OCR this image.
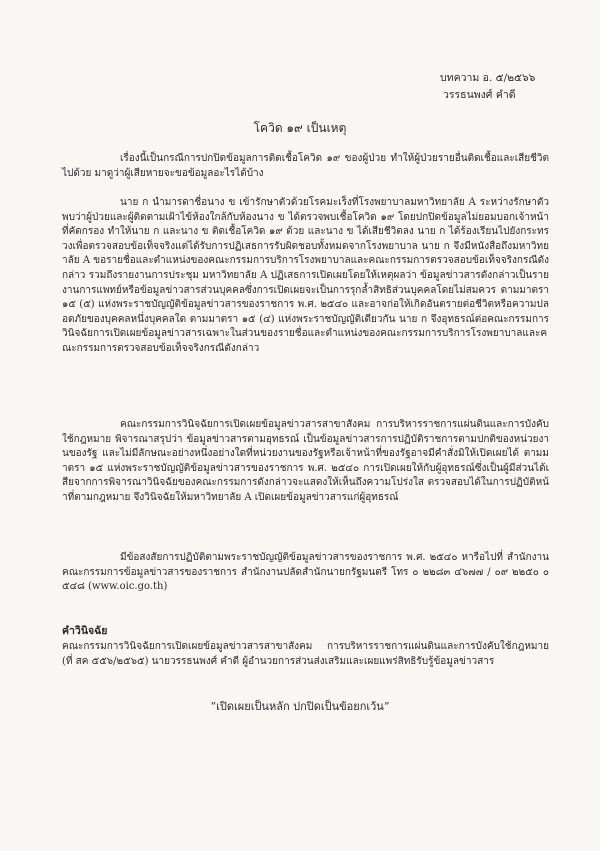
บทความ อ. ๕/๒๕๖๖
วรรธนพงศ์ คำดี
โควิด ๑๙ เป็นเหตุ
เรื่องนี้เป็นกรณีการปกปิดข้อมูลการติดเชื้อโควิด ๑๙ ของผู้ป่วย ทำให้ผู้ป่วยรายอื่นติดเชื้อและเสียชีวิตไปด้วย มาดูว่าผู้เสียหายจะขอข้อมูลอะไรได้บ้าง
นาย ก นำมารดาชื่อนาง ข เข้ารักษาตัวด้วยโรคมะเร็งที่โรงพยาบาลมหาวิทยาลัย A ระหว่างรักษาตัวพบว่าผู้ป่วยและผู้ติดตามเฝ้าไข้ห้องใกล้กับห้องนาง ข ได้ตรวจพบเชื้อโควิด ๑๙ โดยปกปิดข้อมูลไม่ยอมบอกเจ้าหน้าที่คัดกรอง ทำให้นาย ก และนาง ข ติดเชื้อโควิด ๑๙ ด้วย และนาง ข ได้เสียชีวิตลง นาย ก ได้ร้องเรียนไปยังกระทรวงเพื่อตรวจสอบข้อเท็จจริงแต่ได้รับการปฏิเสธการรับผิดชอบทั้งหมดจากโรงพยาบาล นาย ก จึงมีหนังสือถึงมหาวิทยาลัย A ขอรายชื่อและตำแหน่งของคณะกรรมการบริการโรงพยาบาลและคณะกรรมการตรวจสอบข้อเท็จจริงกรณีดังกล่าว รวมถึงรายงานการประชุม มหาวิทยาลัย A ปฏิเสธการเปิดเผยโดยให้เหตุผลว่า ข้อมูลข่าวสารดังกล่าวเป็นรายงานการแพทย์หรือข้อมูลข่าวสารส่วนบุคคลซึ่งการเปิดเผยจะเป็นการรุกล้ำสิทธิส่วนบุคคลโดยไม่สมควร ตามมาตรา ๑๕ (๕) แห่งพระราชบัญญัติข้อมูลข่าวสารของราชการ พ.ศ. ๒๕๔๐ และอาจก่อให้เกิดอันตรายต่อชีวิตหรือความปลอดภัยของบุคคลหนึ่งบุคคลใด ตามมาตรา ๑๕ (๔) แห่งพระราชบัญญัติเดียวกัน นาย ก จึงอุทธรณ์ต่อคณะกรรมการวินิจฉัยการเปิดเผยข้อมูลข่าวสารเฉพาะในส่วนของรายชื่อและตำแหน่งของคณะกรรมการบริการโรงพยาบาลและคณะกรรมการตรวจสอบข้อเท็จจริงกรณีดังกล่าว
คณะกรรมการวินิจฉัยการเปิดเผยข้อมูลข่าวสารสาขาสังคม การบริหารราชการแผ่นดินและการบังคับใช้กฎหมาย พิจารณาสรุปว่า ข้อมูลข่าวสารตามอุทธรณ์ เป็นข้อมูลข่าวสารการปฏิบัติราชการตามปกติของหน่วยงานของรัฐ และไม่มีลักษณะอย่างหนึ่งอย่างใดที่หน่วยงานของรัฐหรือเจ้าหน้าที่ของรัฐอาจมีคำสั่งมิให้เปิดเผยได้ ตามมาตรา ๑๕ แห่งพระราชบัญญัติข้อมูลข่าวสารของราชการ พ.ศ. ๒๕๔๐ การเปิดเผยให้กับผู้อุทธรณ์ซึ่งเป็นผู้มีส่วนได้เสียจากการพิจารณาวินิจฉัยของคณะกรรมการดังกล่าวจะแสดงให้เห็นถึงความโปร่งใส ตรวจสอบได้ในการปฏิบัติหน้าที่ตามกฎหมาย จึงวินิจฉัยให้มหาวิทยาลัย A เปิดเผยข้อมูลข่าวสารแก่ผู้อุทธรณ์
มีข้อสงสัยการปฏิบัติตามพระราชบัญญัติข้อมูลข่าวสารของราชการ พ.ศ. ๒๕๔๐ หารือไปที่ สำนักงานคณะกรรมการข้อมูลข่าวสารของราชการ สำนักงานปลัดสำนักนายกรัฐมนตรี โทร ๐ ๒๒๘๓ ๔๖๗๗ / ๐๙ ๒๒๕๐ ๐๕๔๘ (www.oic.go.th)
คำวินิจฉัย
คณะกรรมการวินิจฉัยการเปิดเผยข้อมูลข่าวสารสาขาสังคม การบริหารราชการแผ่นดินและการบังคับใช้กฎหมาย (ที่ สค ๕๕๖/๒๕๖๕) นายวรรธนพงศ์ คำดี ผู้อำนวยการส่วนส่งเสริมและเผยแพร่สิทธิรับรู้ข้อมูลข่าวสาร
“เปิดเผยเป็นหลัก ปกปิดเป็นข้อยกเว้น”
